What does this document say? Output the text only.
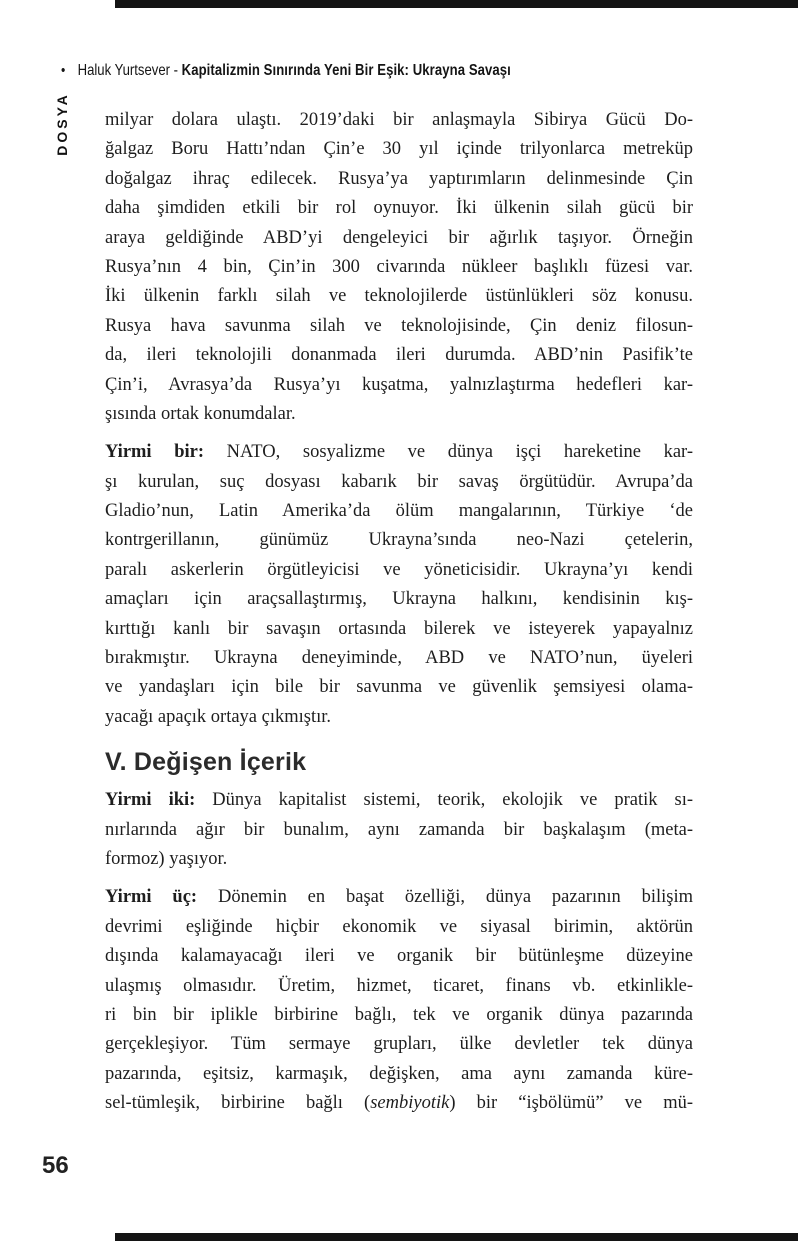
• Haluk Yurtsever - Kapitalizmin Sınırında Yeni Bir Eşik: Ukrayna Savaşı
DOSYA milyar dolara ulaştı. 2019’daki bir anlaşmayla Sibirya Gücü Do-
ğalgaz Boru Hattı’ndan Çin’e 30 yıl içinde trilyonlarca metreküp
doğalgaz ihraç edilecek. Rusya’ya yaptırımların delinmesinde Çin
daha şimdiden etkili bir rol oynuyor. İki ülkenin silah gücü bir
araya geldiğinde ABD’yi dengeleyici bir ağırlık taşıyor. Örneğin
Rusya’nın 4 bin, Çin’in 300 civarında nükleer başlıklı füzesi var.
İki ülkenin farklı silah ve teknolojilerde üstünlükleri söz konusu.
Rusya hava savunma silah ve teknolojisinde, Çin deniz filosun-
da, ileri teknolojili donanmada ileri durumda. ABD’nin Pasifik’te
Çin’i, Avrasya’da Rusya’yı kuşatma, yalnızlaştırma hedefleri kar-
şısında ortak konumdalar.
Yirmi bir: NATO, sosyalizme ve dünya işçi hareketine kar-
şı kurulan, suç dosyası kabarık bir savaş örgütüdür. Avrupa’da
Gladio’nun, Latin Amerika’da ölüm mangalarının, Türkiye ‘de
kontrgerillanın, günümüz Ukrayna’sında neo-Nazi çetelerin,
paralı askerlerin örgütleyicisi ve yöneticisidir. Ukrayna’yı kendi
amaçları için araçsallaştırmış, Ukrayna halkını, kendisinin kış-
kırttığı kanlı bir savaşın ortasında bilerek ve isteyerek yapayalnız
bırakmıştır. Ukrayna deneyiminde, ABD ve NATO’nun, üyeleri
ve yandaşları için bile bir savunma ve güvenlik şemsiyesi olama-
yacağı apaçık ortaya çıkmıştır.
V. Değişen İçerik
Yirmi iki: Dünya kapitalist sistemi, teorik, ekolojik ve pratik sı-
nırlarında ağır bir bunalım, aynı zamanda bir başkalaşım (meta-
formoz) yaşıyor.
Yirmi üç: Dönemin en başat özelliği, dünya pazarının bilişim
devrimi eşliğinde hiçbir ekonomik ve siyasal birimin, aktörün
dışında kalamayacağı ileri ve organik bir bütünleşme düzeyine
ulaşmış olmasıdır. Üretim, hizmet, ticaret, finans vb. etkinlikle-
ri bin bir iplikle birbirine bağlı, tek ve organik dünya pazarında
gerçekleşiyor. Tüm sermaye grupları, ülke devletler tek dünya
pazarında, eşitsiz, karmaşık, değişken, ama aynı zamanda küre-
sel-tümleşik, birbirine bağlı (sembiyotik) bir “işbölümü” ve mü-
56
